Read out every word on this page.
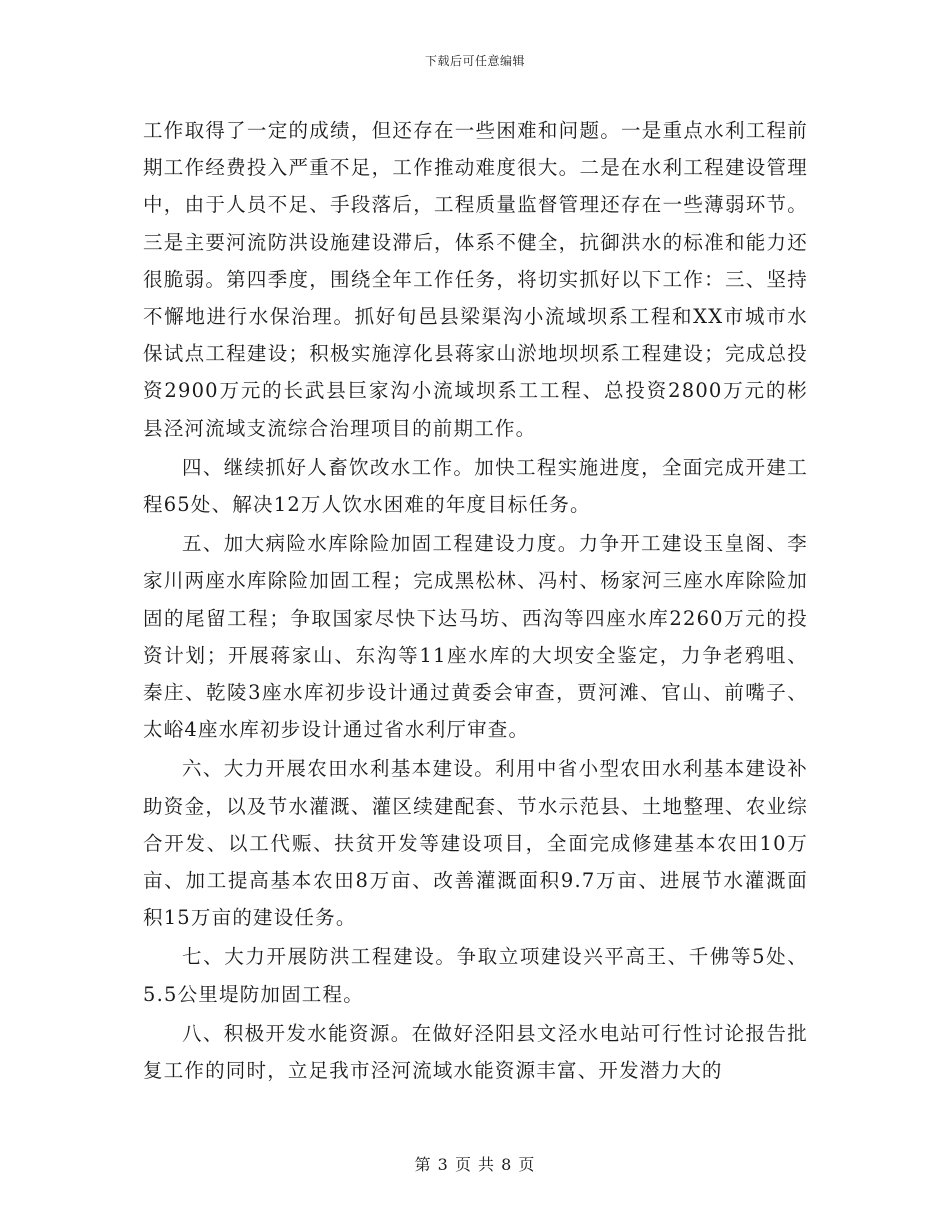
下载后可任意编辑

工作取得了一定的成绩，但还存在一些困难和问题。一是重点水利工程前期工作经费投入严重不足，工作推动难度很大。二是在水利工程建设管理中，由于人员不足、手段落后，工程质量监督管理还存在一些薄弱环节。三是主要河流防洪设施建设滞后，体系不健全，抗御洪水的标准和能力还很脆弱。第四季度，围绕全年工作任务，将切实抓好以下工作：三、坚持不懈地进行水保治理。抓好旬邑县梁渠沟小流域坝系工程和XX市城市水保试点工程建设；积极实施淳化县蒋家山淤地坝坝系工程建设；完成总投资2900万元的长武县巨家沟小流域坝系工工程、总投资2800万元的彬县泾河流域支流综合治理项目的前期工作。

四、继续抓好人畜饮改水工作。加快工程实施进度，全面完成开建工程65处、解决12万人饮水困难的年度目标任务。

五、加大病险水库除险加固工程建设力度。力争开工建设玉皇阁、李家川两座水库除险加固工程；完成黑松林、冯村、杨家河三座水库除险加固的尾留工程；争取国家尽快下达马坊、西沟等四座水库2260万元的投资计划；开展蒋家山、东沟等11座水库的大坝安全鉴定，力争老鸦咀、秦庄、乾陵3座水库初步设计通过黄委会审查，贾河滩、官山、前嘴子、太峪4座水库初步设计通过省水利厅审查。

六、大力开展农田水利基本建设。利用中省小型农田水利基本建设补助资金，以及节水灌溉、灌区续建配套、节水示范县、土地整理、农业综合开发、以工代赈、扶贫开发等建设项目，全面完成修建基本农田10万亩、加工提高基本农田8万亩、改善灌溉面积9.7万亩、进展节水灌溉面积15万亩的建设任务。

七、大力开展防洪工程建设。争取立项建设兴平高王、千佛等5处、5.5公里堤防加固工程。

八、积极开发水能资源。在做好泾阳县文泾水电站可行性讨论报告批复工作的同时，立足我市泾河流域水能资源丰富、开发潜力大的

第 3 页 共 8 页
